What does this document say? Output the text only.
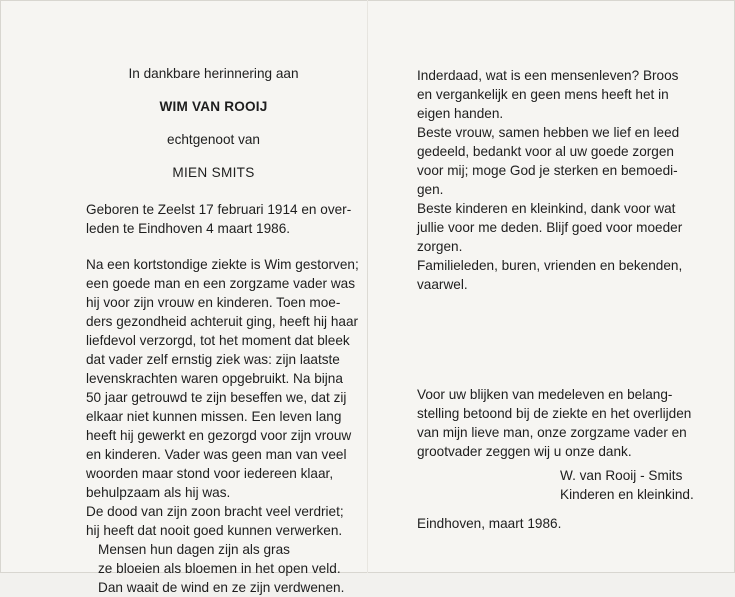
In dankbare herinnering aan
WIM VAN ROOIJ
echtgenoot van
MIEN SMITS
Geboren te Zeelst 17 februari 1914 en over-
leden te Eindhoven 4 maart 1986.
Na een kortstondige ziekte is Wim gestorven;
een goede man en een zorgzame vader was
hij voor zijn vrouw en kinderen. Toen moe-
ders gezondheid achteruit ging, heeft hij haar
liefdevol verzorgd, tot het moment dat bleek
dat vader zelf ernstig ziek was: zijn laatste
levenskrachten waren opgebruikt. Na bijna
50 jaar getrouwd te zijn beseffen we, dat zij
elkaar niet kunnen missen. Een leven lang
heeft hij gewerkt en gezorgd voor zijn vrouw
en kinderen. Vader was geen man van veel
woorden maar stond voor iedereen klaar,
behulpzaam als hij was.
De dood van zijn zoon bracht veel verdriet;
hij heeft dat nooit goed kunnen verwerken.
Mensen hun dagen zijn als gras
ze bloeien als bloemen in het open veld.
Dan waait de wind en ze zijn verdwenen.
Inderdaad, wat is een mensenleven? Broos
en vergankelijk en geen mens heeft het in
eigen handen.
Beste vrouw, samen hebben we lief en leed
gedeeld, bedankt voor al uw goede zorgen
voor mij; moge God je sterken en bemoedi-
gen.
Beste kinderen en kleinkind, dank voor wat
jullie voor me deden. Blijf goed voor moeder
zorgen.
Familieleden, buren, vrienden en bekenden,
vaarwel.
Voor uw blijken van medeleven en belang-
stelling betoond bij de ziekte en het overlijden
van mijn lieve man, onze zorgzame vader en
grootvader zeggen wij u onze dank.
W. van Rooij - Smits
Kinderen en kleinkind.
Eindhoven, maart 1986.
